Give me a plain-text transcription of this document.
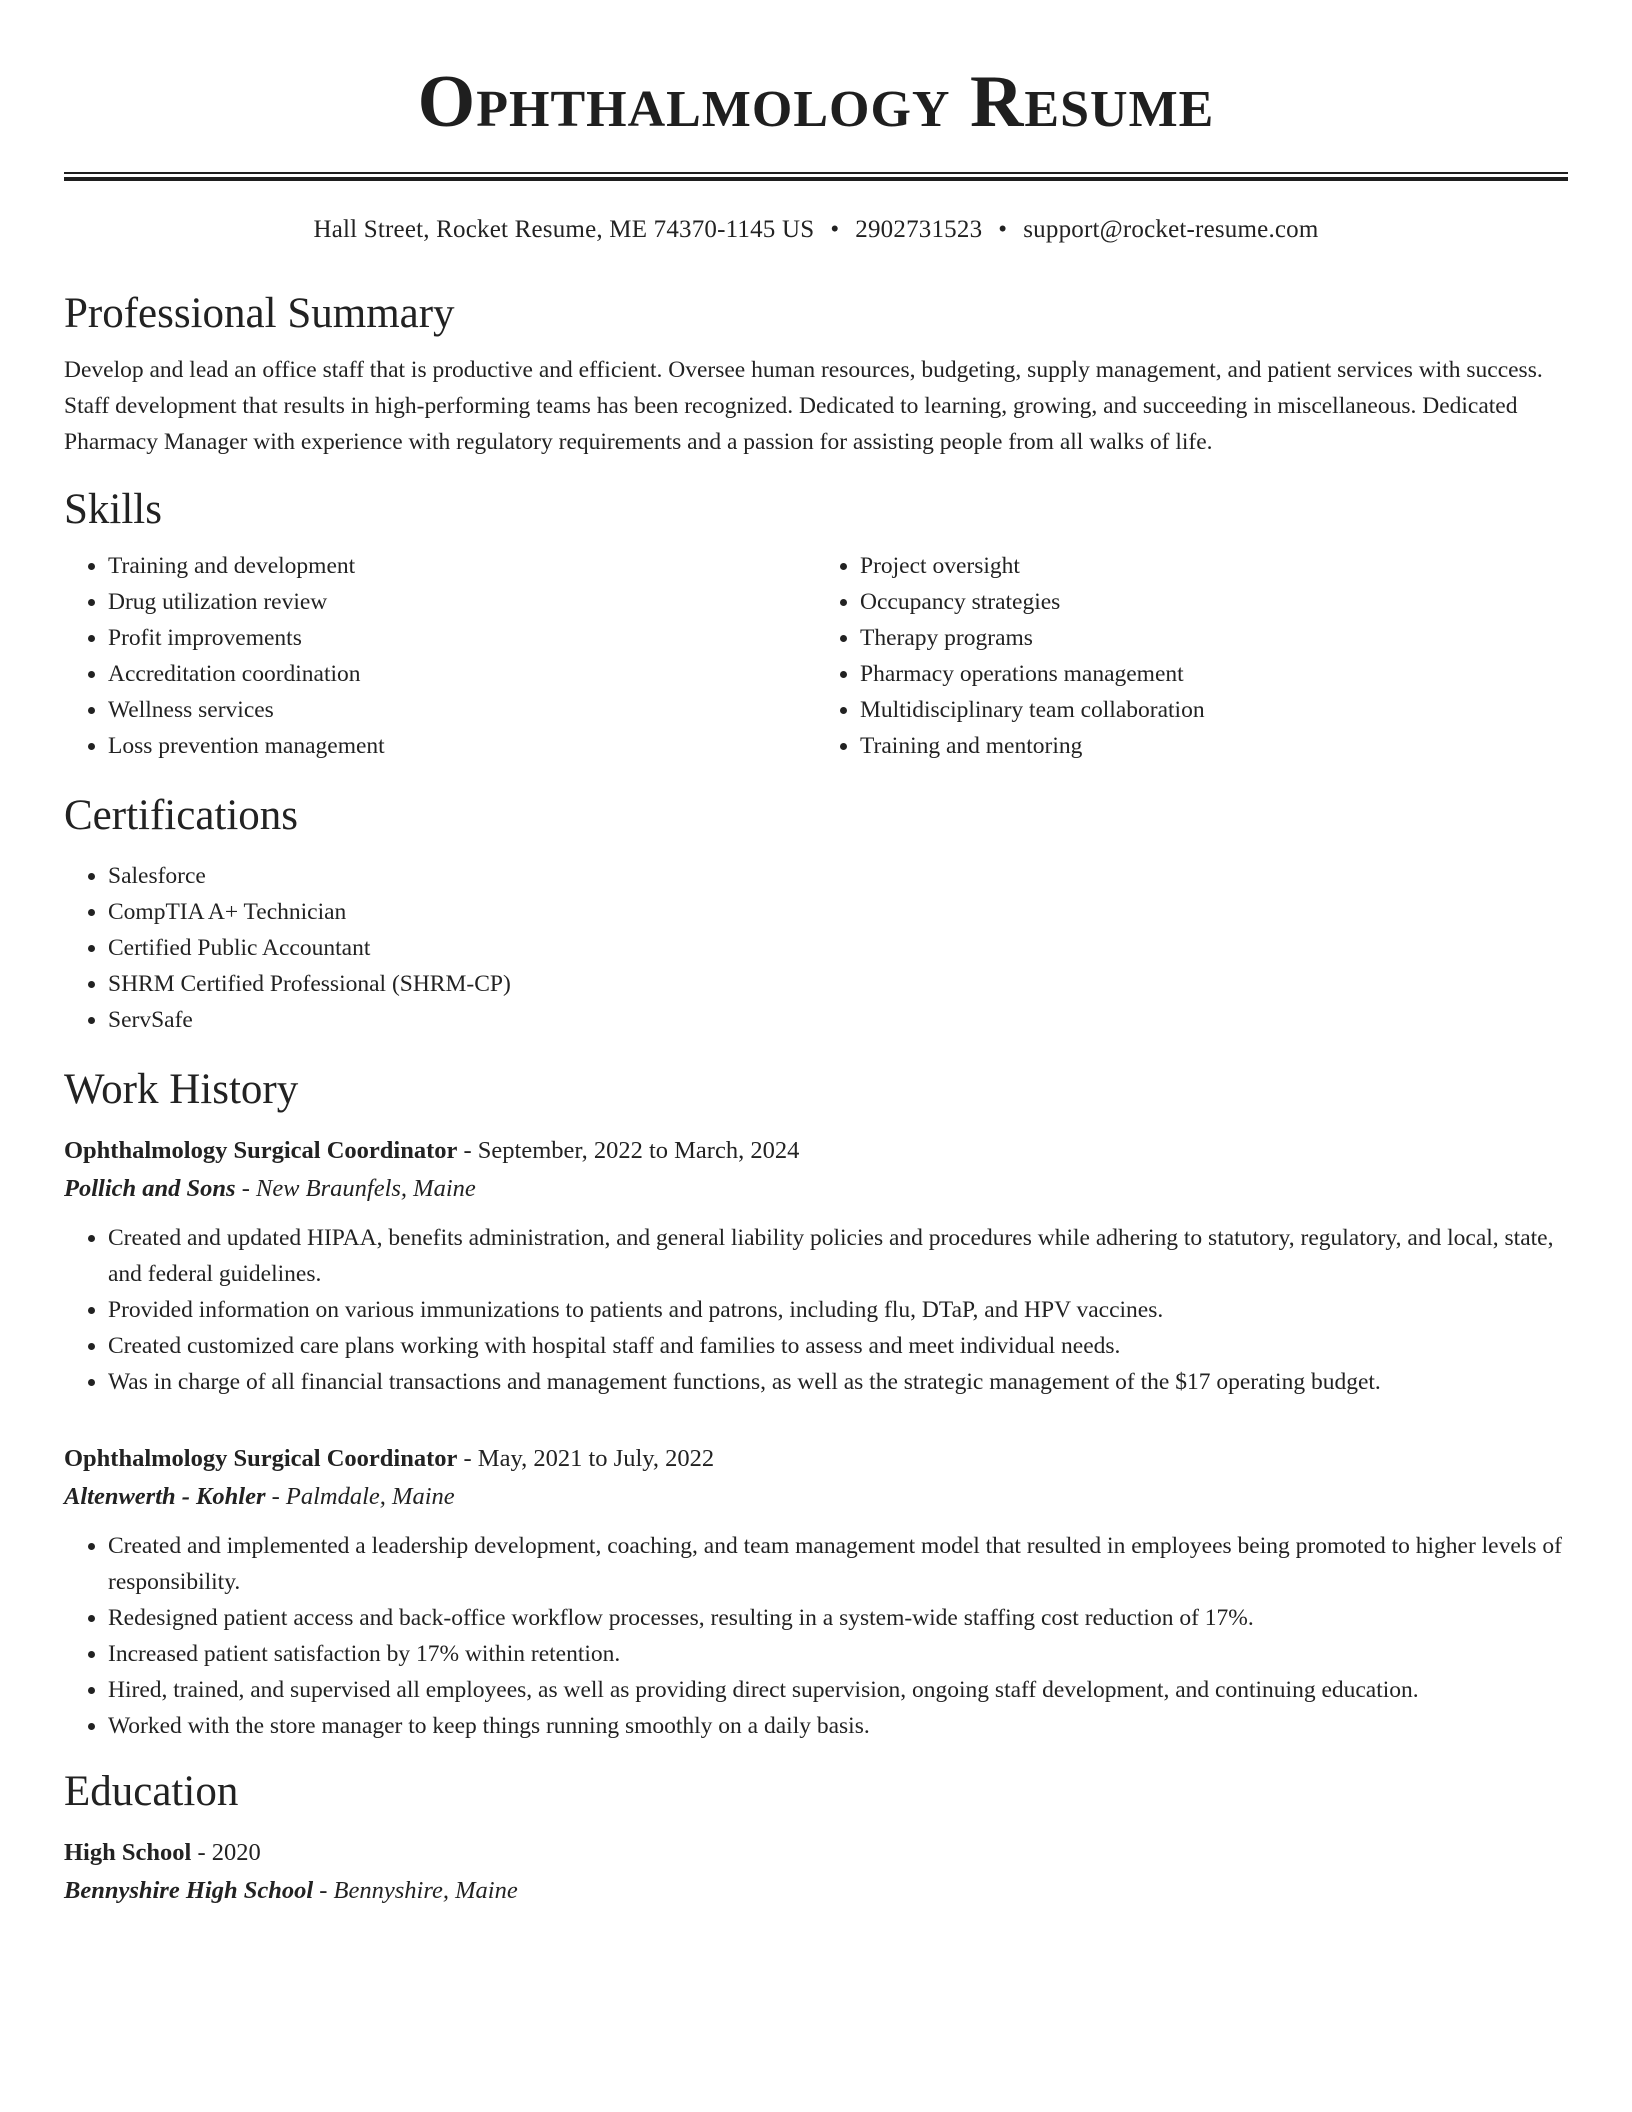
Ophthalmology Resume
Hall Street, Rocket Resume, ME 74370-1145 US • 2902731523 • support@rocket-resume.com
Professional Summary

Develop and lead an office staff that is productive and efficient. Oversee human resources, budgeting, supply management, and patient services with success. Staff development that results in high-performing teams has been recognized. Dedicated to learning, growing, and succeeding in miscellaneous. Dedicated Pharmacy Manager with experience with regulatory requirements and a passion for assisting people from all walks of life.

Skills
• Training and development
• Drug utilization review
• Profit improvements
• Accreditation coordination
• Wellness services
• Loss prevention management
• Project oversight
• Occupancy strategies
• Therapy programs
• Pharmacy operations management
• Multidisciplinary team collaboration
• Training and mentoring
Certifications
• Salesforce
• CompTIA A+ Technician
• Certified Public Accountant
• SHRM Certified Professional (SHRM-CP)
• ServSafe
Work History
Ophthalmology Surgical Coordinator - September, 2022 to March, 2024
Pollich and Sons - New Braunfels, Maine
• Created and updated HIPAA, benefits administration, and general liability policies and procedures while adhering to statutory, regulatory, and local, state, and federal guidelines.
• Provided information on various immunizations to patients and patrons, including flu, DTaP, and HPV vaccines.
• Created customized care plans working with hospital staff and families to assess and meet individual needs.
• Was in charge of all financial transactions and management functions, as well as the strategic management of the $17 operating budget.
Ophthalmology Surgical Coordinator - May, 2021 to July, 2022
Altenwerth - Kohler - Palmdale, Maine
• Created and implemented a leadership development, coaching, and team management model that resulted in employees being promoted to higher levels of responsibility.
• Redesigned patient access and back-office workflow processes, resulting in a system-wide staffing cost reduction of 17%.
• Increased patient satisfaction by 17% within retention.
• Hired, trained, and supervised all employees, as well as providing direct supervision, ongoing staff development, and continuing education.
• Worked with the store manager to keep things running smoothly on a daily basis.
Education
High School - 2020
Bennyshire High School - Bennyshire, Maine
